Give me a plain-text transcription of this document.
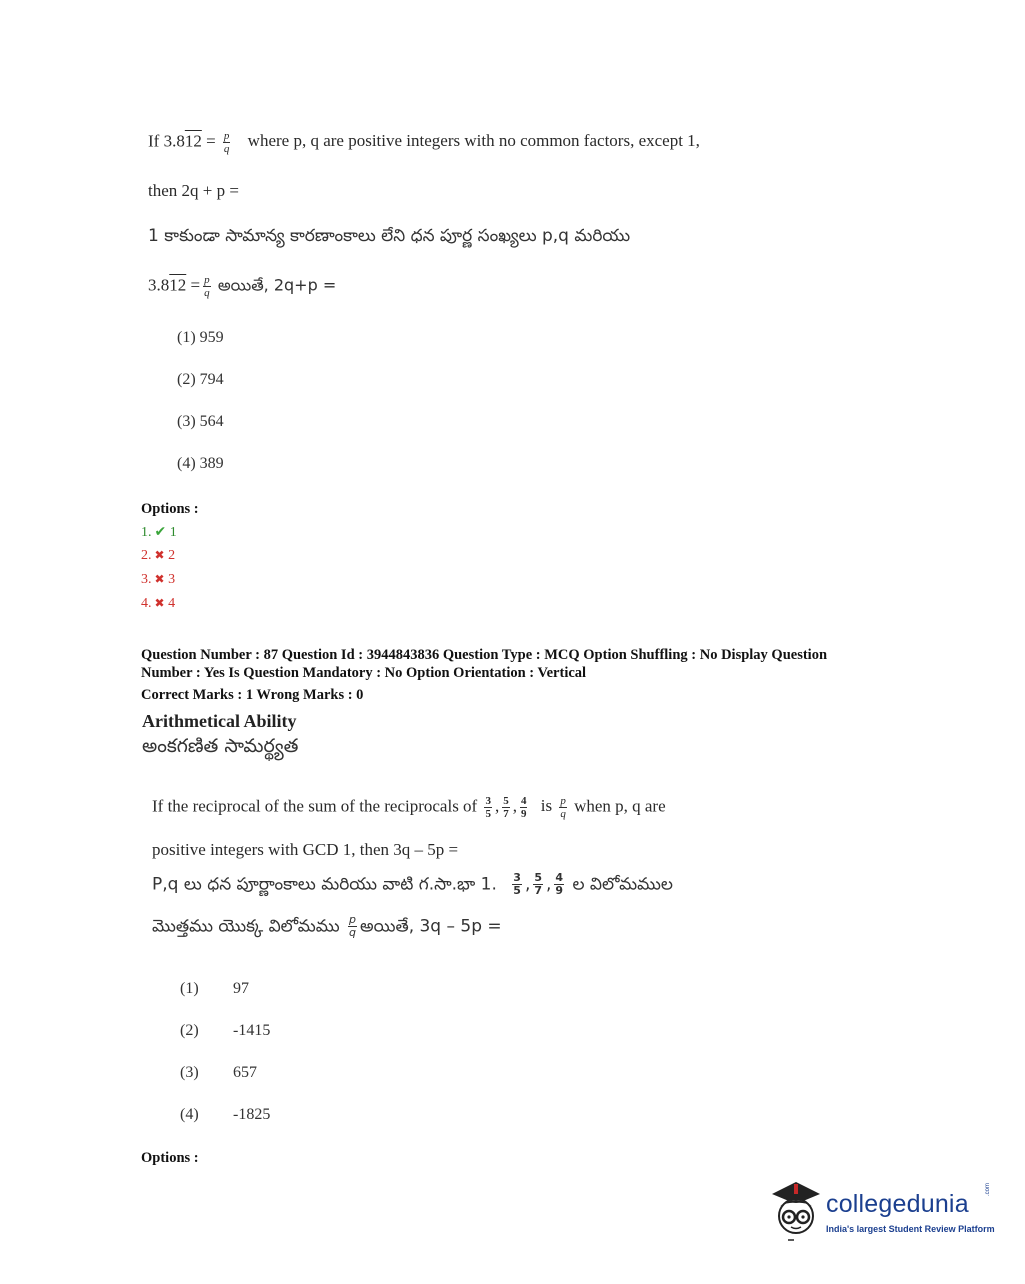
If $3.812 = \frac{p}{q}$ where p, q are positive integers with no common factors, except 1,
then 2q + p =
1 కాకుండా సామాన్య కారణాంకాలు లేని ధన పూర్ణ సంఖ్యలు p,q మరియు
$3.812 = \frac{p}{q}$ అయితే, 2q+p =
(1) 959
(2) 794
(3) 564
(4) 389
Options :
1. ✔ 1
2. ✖ 2
3. ✖ 3
4. ✖ 4
Question Number : 87 Question Id : 3944843836 Question Type : MCQ Option Shuffling : No Display Question
Number : Yes Is Question Mandatory : No Option Orientation : Vertical
Correct Marks : 1 Wrong Marks : 0
Arithmetical Ability
అంకగణిత సామర్థ్యత
If the reciprocal of the sum of the reciprocals of $\frac{3}{5}$ , $\frac{5}{7}$ , $\frac{4}{9}$ is $\frac{p}{q}$ when p, q are
positive integers with GCD 1, then 3q – 5p =
P,q లు ధన పూర్ణాంకాలు మరియు వాటి గ.సా.భా 1. $\frac{3}{5}$ , $\frac{5}{7}$ , $\frac{4}{9}$ ల విలోమముల
మొత్తము యొక్క విలోమము $\frac{p}{q}$ అయితే, 3q – 5p =
(1) 97
(2) -1415
(3) 657
(4) -1825
Options :
collegedunia
.com
India's largest Student Review Platform
